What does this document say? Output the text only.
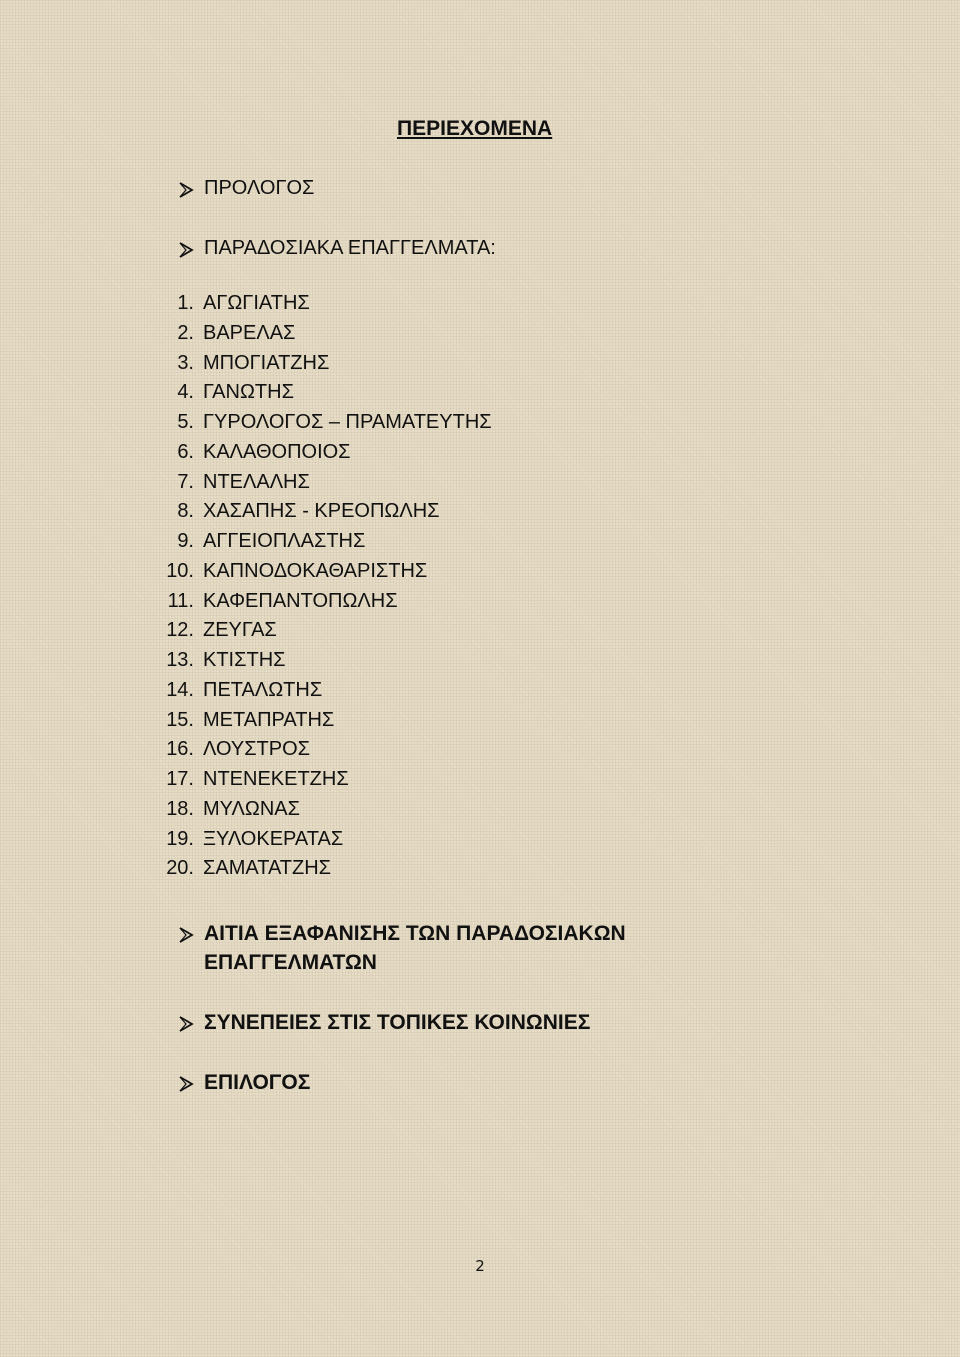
ΠΕΡΙΕΧΟΜΕΝΑ
ΠΡΟΛΟΓΟΣ
ΠΑΡΑΔΟΣΙΑΚΑ ΕΠΑΓΓΕΛΜΑΤΑ:
1. ΑΓΩΓΙΑΤΗΣ
2. ΒΑΡΕΛΑΣ
3. ΜΠΟΓΙΑΤΖΗΣ
4. ΓΑΝΩΤΗΣ
5. ΓΥΡΟΛΟΓΟΣ – ΠΡΑΜΑΤΕΥΤΗΣ
6. ΚΑΛΑΘΟΠΟΙΟΣ
7. ΝΤΕΛΑΛΗΣ
8. ΧΑΣΑΠΗΣ - ΚΡΕΟΠΩΛΗΣ
9. ΑΓΓΕΙΟΠΛΑΣΤΗΣ
10. ΚΑΠΝΟΔΟΚΑΘΑΡΙΣΤΗΣ
11. ΚΑΦΕΠΑΝΤΟΠΩΛΗΣ
12. ΖΕΥΓΑΣ
13. ΚΤΙΣΤΗΣ
14. ΠΕΤΑΛΩΤΗΣ
15. ΜΕΤΑΠΡΑΤΗΣ
16. ΛΟΥΣΤΡΟΣ
17. ΝΤΕΝΕΚΕΤΖΗΣ
18. ΜΥΛΩΝΑΣ
19. ΞΥΛΟΚΕΡΑΤΑΣ
20. ΣΑΜΑΤΑΤΖΗΣ
ΑΙΤΙΑ ΕΞΑΦΑΝΙΣΗΣ ΤΩΝ ΠΑΡΑΔΟΣΙΑΚΩΝ
ΕΠΑΓΓΕΛΜΑΤΩΝ
ΣΥΝΕΠΕΙΕΣ ΣΤΙΣ ΤΟΠΙΚΕΣ ΚΟΙΝΩΝΙΕΣ
ΕΠΙΛΟΓΟΣ
2
